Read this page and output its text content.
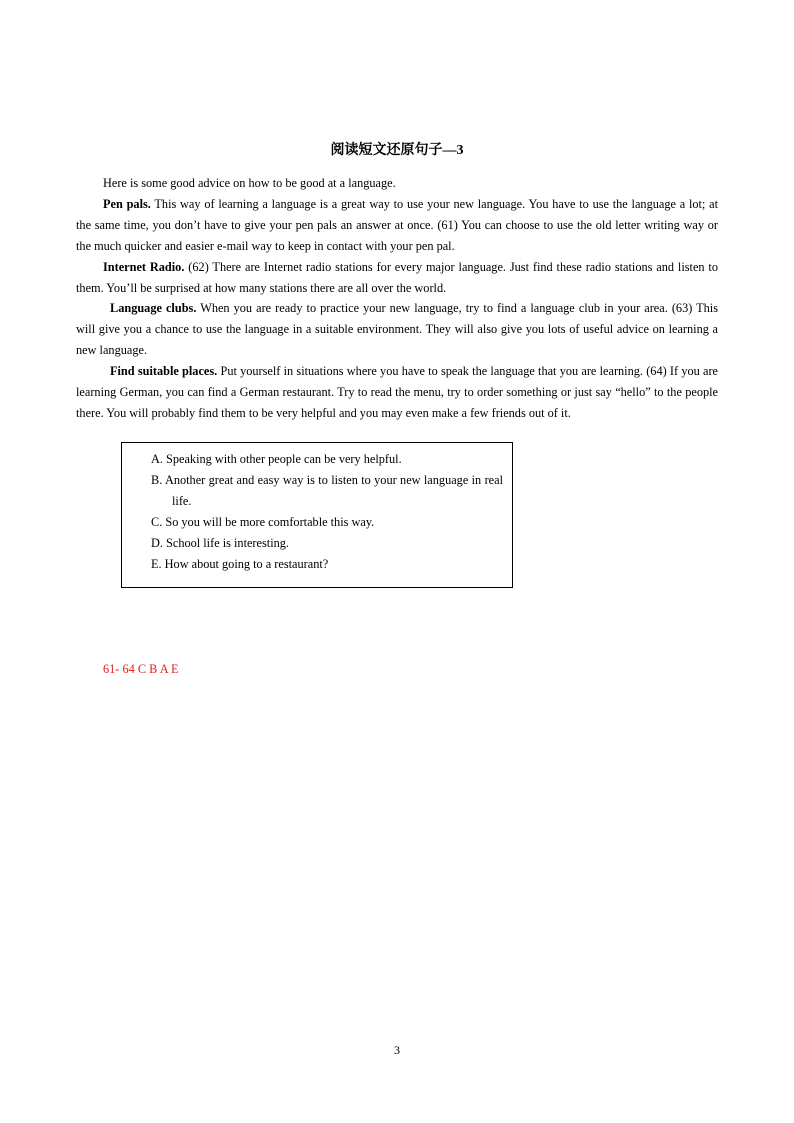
阅读短文还原句子—3

Here is some good advice on how to be good at a language.

Pen pals. This way of learning a language is a great way to use your new language. You have to use the language a lot; at the same time, you don’t have to give your pen pals an answer at once. (61) You can choose to use the old letter writing way or the much quicker and easier e-mail way to keep in contact with your pen pal.

Internet Radio. (62) There are Internet radio stations for every major language. Just find these radio stations and listen to them. You’ll be surprised at how many stations there are all over the world.

Language clubs. When you are ready to practice your new language, try to find a language club in your area. (63) This will give you a chance to use the language in a suitable environment. They will also give you lots of useful advice on learning a new language.

Find suitable places. Put yourself in situations where you have to speak the language that you are learning. (64) If you are learning German, you can find a German restaurant. Try to read the menu, try to order something or just say “hello” to the people there. You will probably find them to be very helpful and you may even make a few friends out of it.

A. Speaking with other people can be very helpful.

B. Another great and easy way is to listen to your new language in real life.

C. So you will be more comfortable this way.

D. School life is interesting.

E. How about going to a restaurant?

61- 64 C B A E
3
